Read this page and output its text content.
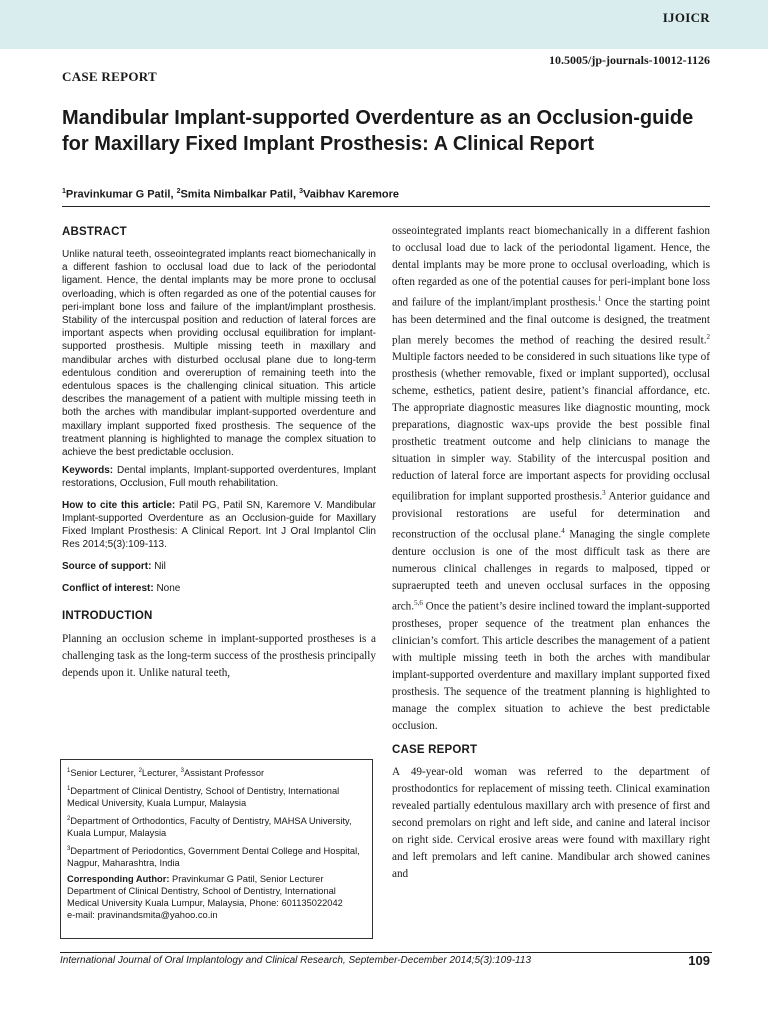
IJOICR
10.5005/jp-journals-10012-1126
CASE REPORT
Mandibular Implant-supported Overdenture as an Occlusion-guide for Maxillary Fixed Implant Prosthesis: A Clinical Report
$^1$Pravinkumar G Patil, $^2$Smita Nimbalkar Patil, $^3$Vaibhav Karemore
ABSTRACT

Unlike natural teeth, osseointegrated implants react biomechanically in a different fashion to occlusal load due to lack of the periodontal ligament. Hence, the dental implants may be more prone to occlusal overloading, which is often regarded as one of the potential causes for peri-implant bone loss and failure of the implant/implant prosthesis. Stability of the intercuspal position and reduction of lateral forces are important aspects when providing occlusal equilibration for implant-supported prosthesis. Multiple missing teeth in maxillary and mandibular arches with disturbed occlusal plane due to long-term edentulous condition and overeruption of remaining teeth into the edentulous spaces is the challenging clinical situation. This article describes the management of a patient with multiple missing teeth in both the arches with mandibular implant-supported overdenture and maxillary implant supported fixed prosthesis. The sequence of the treatment planning is highlighted to manage the complex situation to achieve the best predictable occlusion.

Keywords: Dental implants, Implant-supported overdentures, Implant restorations, Occlusion, Full mouth rehabilitation.

How to cite this article: Patil PG, Patil SN, Karemore V. Mandibular Implant-supported Overdenture as an Occlusion-guide for Maxillary Fixed Implant Prosthesis: A Clinical Report. Int J Oral Implantol Clin Res 2014;5(3):109-113.

Source of support: Nil

Conflict of interest: None

INTRODUCTION

Planning an occlusion scheme in implant-supported prostheses is a challenging task as the long-term success of the prosthesis principally depends upon it. Unlike natural teeth,

osseointegrated implants react biomechanically in a different fashion to occlusal load due to lack of the periodontal ligament. Hence, the dental implants may be more prone to occlusal overloading, which is often regarded as one of the potential causes for peri-implant bone loss and failure of the implant/implant prosthesis.$^1$ Once the starting point has been determined and the final outcome is designed, the treatment plan merely becomes the method of reaching the desired result.$^2$ Multiple factors needed to be considered in such situations like type of prosthesis (whether removable, fixed or implant supported), occlusal scheme, esthetics, patient desire, patient’s financial affordance, etc. The appropriate diagnostic measures like diagnostic mounting, mock preparations, diagnostic wax-ups provide the best possible final prosthetic treatment outcome and help clinicians to manage the situation in simpler way. Stability of the intercuspal position and reduction of lateral force are important aspects for providing occlusal equilibration for implant supported prosthesis.$^3$ Anterior guidance and provisional restorations are useful for determination and reconstruction of the occlusal plane.$^4$ Managing the single complete denture occlusion is one of the most difficult task as there are numerous clinical challenges in regards to malposed, tipped or supraerupted teeth and uneven occlusal surfaces in the opposing arch.$^{5,6}$ Once the patient’s desire inclined toward the implant-supported prostheses, proper sequence of the treatment plan enhances the clinician’s comfort. This article describes the management of a patient with multiple missing teeth in both the arches with mandibular implant-supported overdenture and maxillary implant supported fixed prosthesis. The sequence of the treatment planning is highlighted to manage the complex situation to achieve the best predictable occlusion.

CASE REPORT

A 49-year-old woman was referred to the department of prosthodontics for replacement of missing teeth. Clinical examination revealed partially edentulous maxillary arch with presence of first and second premolars on right and left side, and canine and lateral incisor on right side. Cervical erosive areas were found with maxillary right and left premolars and left canine. Mandibular arch showed canines and

$^1$Senior Lecturer, $^2$Lecturer, $^3$Assistant Professor

$^1$Department of Clinical Dentistry, School of Dentistry, International Medical University, Kuala Lumpur, Malaysia

$^2$Department of Orthodontics, Faculty of Dentistry, MAHSA University, Kuala Lumpur, Malaysia

$^3$Department of Periodontics, Government Dental College and Hospital, Nagpur, Maharashtra, India

Corresponding Author: Pravinkumar G Patil, Senior Lecturer
Department of Clinical Dentistry, School of Dentistry, International Medical University Kuala Lumpur, Malaysia, Phone: 601135022042
e-mail: pravinandsmita@yahoo.co.in

International Journal of Oral Implantology and Clinical Research, September-December 2014;5(3):109-113	109
